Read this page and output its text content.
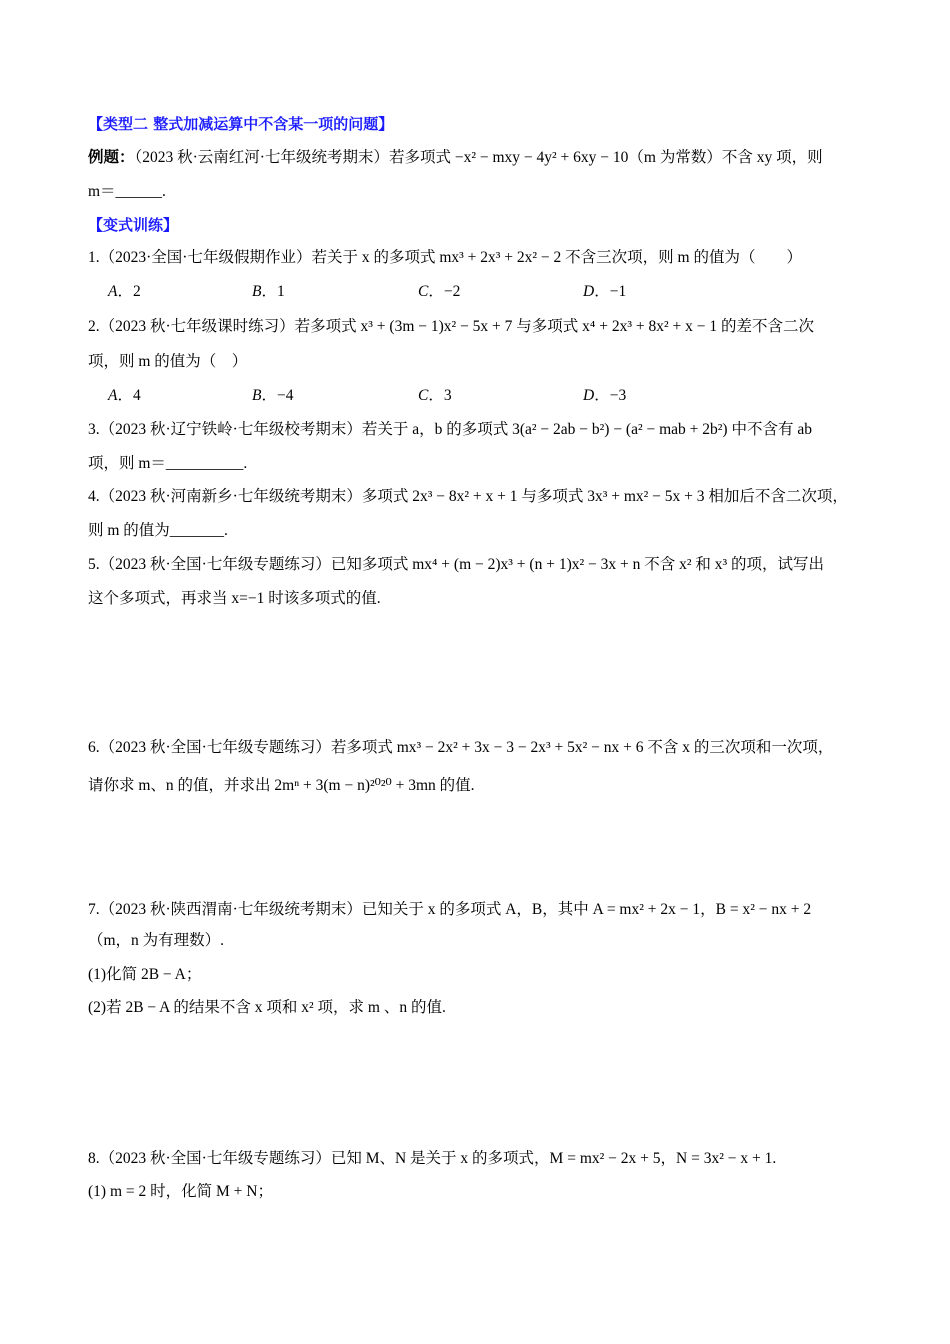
【类型二 整式加减运算中不含某一项的问题】
例题：（2023 秋·云南红河·七年级统考期末）若多项式 −x² − mxy − 4y² + 6xy − 10（m 为常数）不含 xy 项，则
m＝______.
【变式训练】
1.（2023·全国·七年级假期作业）若关于 x 的多项式 mx³ + 2x³ + 2x² − 2 不含三次项，则 m 的值为（　　）
A．2	B．1	C．−2	D．−1
2.（2023 秋·七年级课时练习）若多项式 x³ + (3m − 1)x² − 5x + 7 与多项式 x⁴ + 2x³ + 8x² + x − 1 的差不含二次
项，则 m 的值为（　）
A．4	B．−4	C．3	D．−3
3.（2023 秋·辽宁铁岭·七年级校考期末）若关于 a，b 的多项式 3(a² − 2ab − b²) − (a² − mab + 2b²) 中不含有 ab
项，则 m＝__________.
4.（2023 秋·河南新乡·七年级统考期末）多项式 2x³ − 8x² + x + 1 与多项式 3x³ + mx² − 5x + 3 相加后不含二次项，
则 m 的值为_______.
5.（2023 秋·全国·七年级专题练习）已知多项式 mx⁴ + (m − 2)x³ + (n + 1)x² − 3x + n 不含 x² 和 x³ 的项，试写出
这个多项式，再求当 x=−1 时该多项式的值.
6.（2023 秋·全国·七年级专题练习）若多项式 mx³ − 2x² + 3x − 3 − 2x³ + 5x² − nx + 6 不含 x 的三次项和一次项，
请你求 m、n 的值，并求出 2mⁿ + 3(m − n)²⁰²⁰ + 3mn 的值.
7.（2023 秋·陕西渭南·七年级统考期末）已知关于 x 的多项式 A，B，其中 A = mx² + 2x − 1，B = x² − nx + 2
（m，n 为有理数）.
(1)化简 2B − A；
(2)若 2B − A 的结果不含 x 项和 x² 项，求 m 、n 的值.
8.（2023 秋·全国·七年级专题练习）已知 M、N 是关于 x 的多项式，M = mx² − 2x + 5，N = 3x² − x + 1.
(1) m = 2 时，化简 M + N；
